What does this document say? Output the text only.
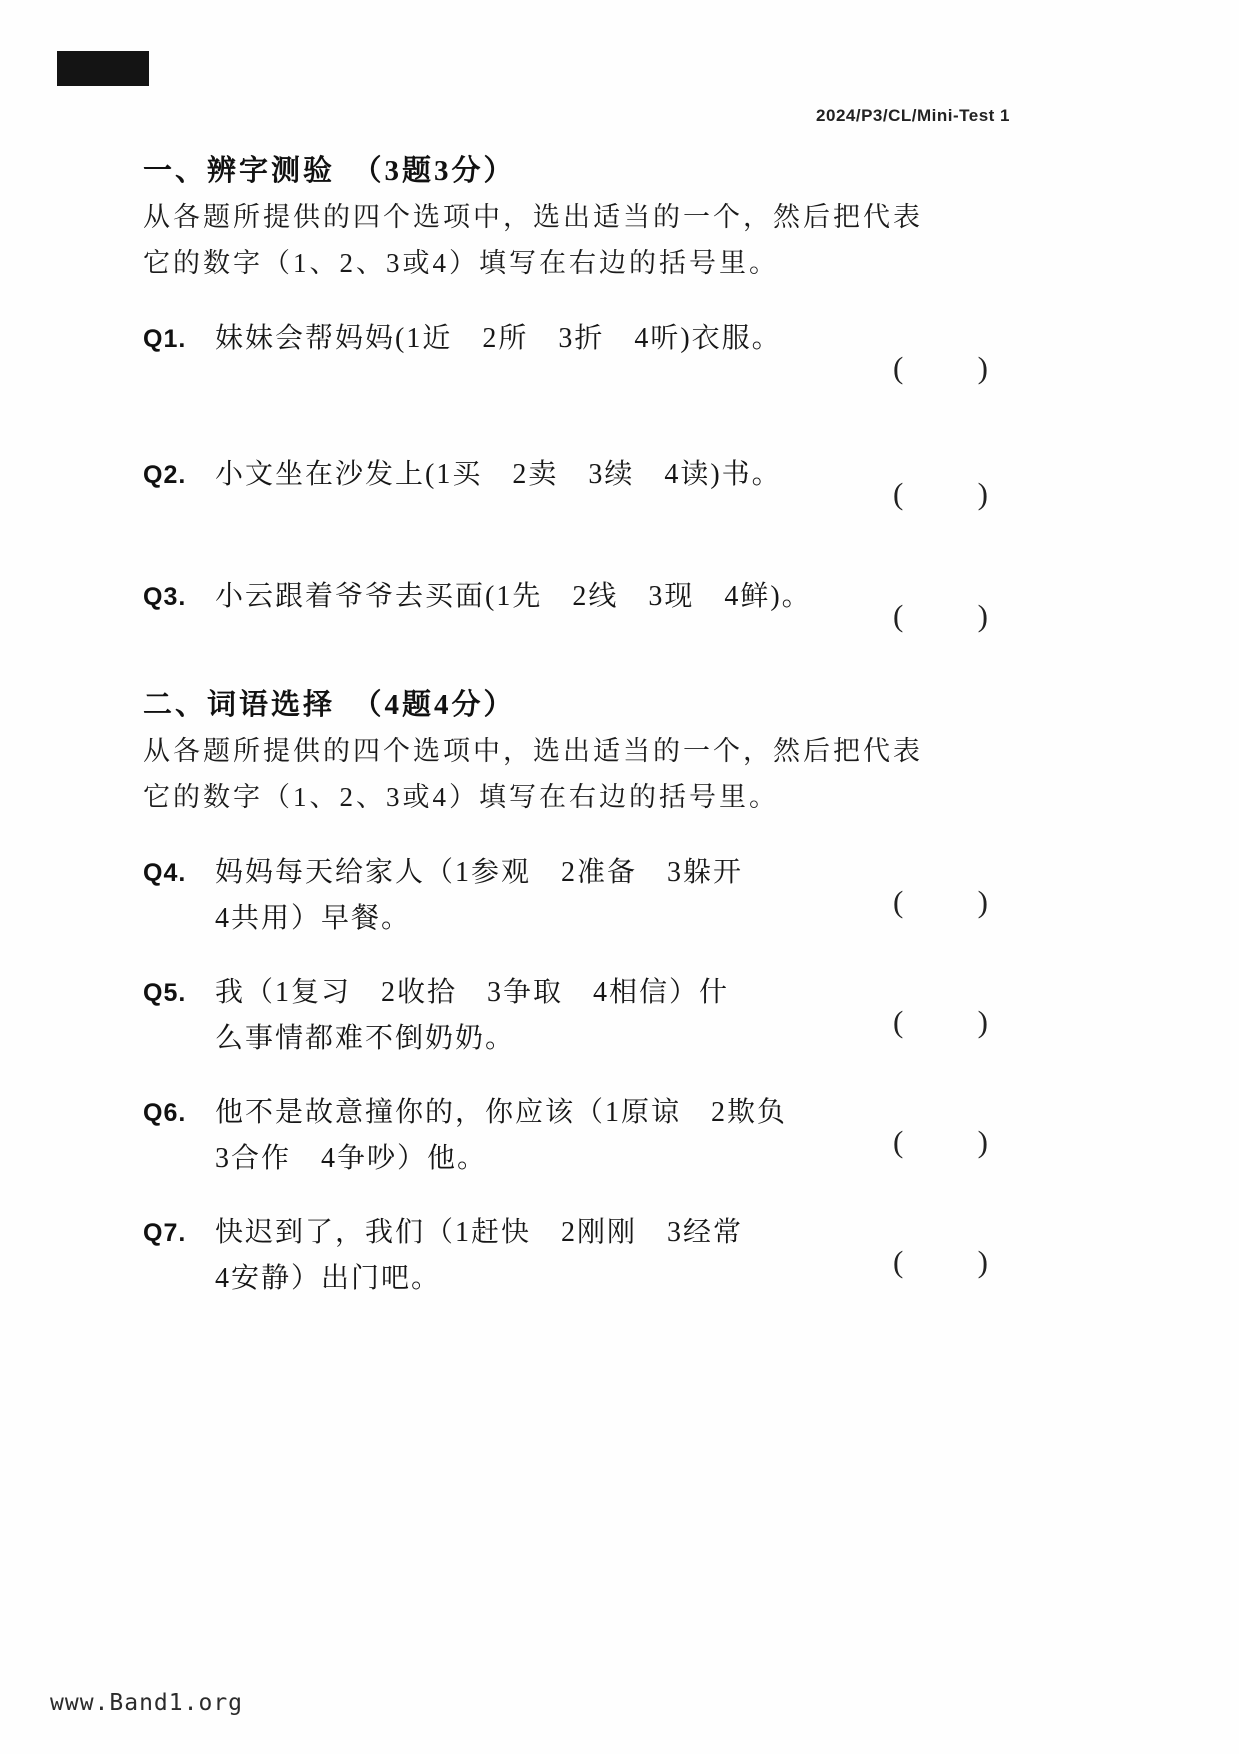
2024/P3/CL/Mini-Test 1
一、辨字测验　（3题3分）
从各题所提供的四个选项中，选出适当的一个，然后把代表
它的数字（1、2、3或4）填写在右边的括号里。
Q1. 妹妹会帮妈妈(1近　2所　3折　4听)衣服。
( )
Q2. 小文坐在沙发上(1买　2卖　3续　4读)书。
( )
Q3. 小云跟着爷爷去买面(1先　2线　3现　4鲜)。
( )
二、词语选择　（4题4分）
从各题所提供的四个选项中，选出适当的一个，然后把代表
它的数字（1、2、3或4）填写在右边的括号里。
Q4. 妈妈每天给家人（1参观　2准备　3躲开
4共用）早餐。	( )
Q5. 我（1复习　2收拾　3争取　4相信）什
么事情都难不倒奶奶。	( )
Q6. 他不是故意撞你的，你应该（1原谅　2欺负
3合作　4争吵）他。	( )
Q7. 快迟到了，我们（1赶快　2刚刚　3经常
4安静）出门吧。	( )
www.Band1.org
